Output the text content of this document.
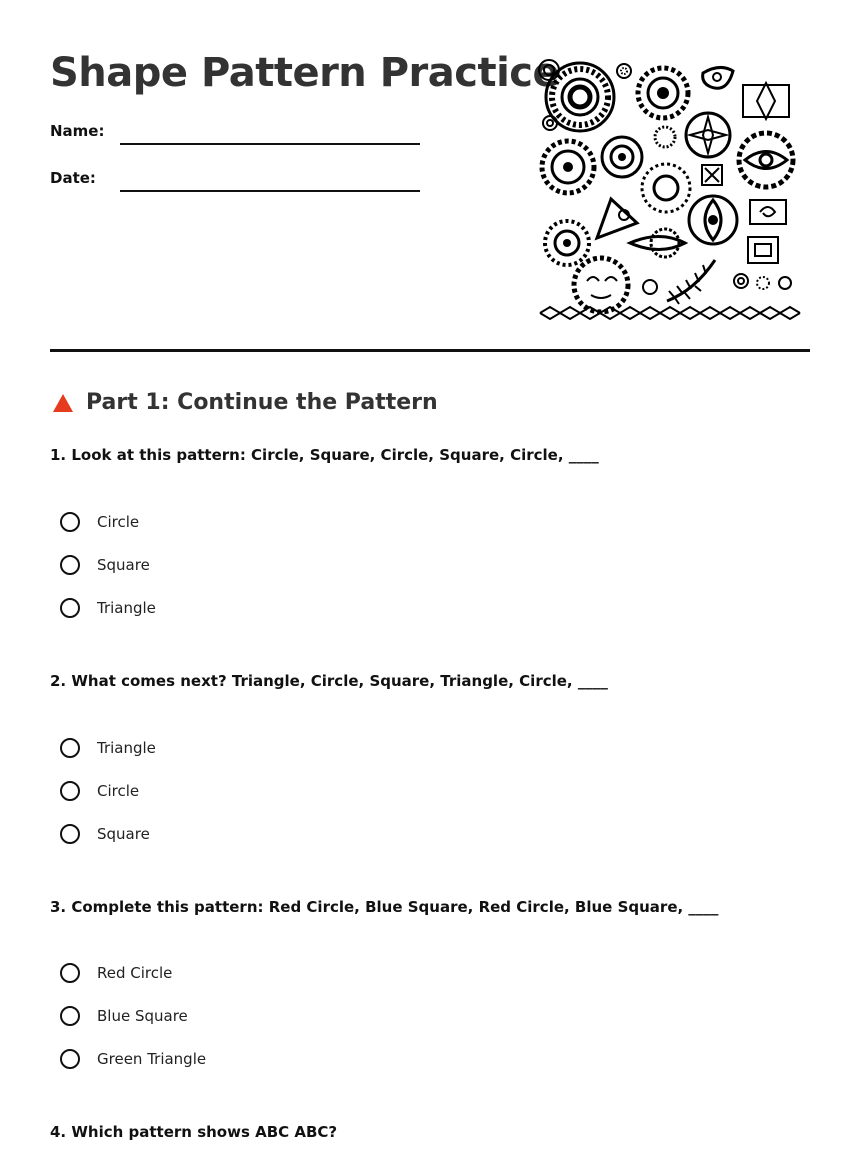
Shape Pattern Practice
Name:
Date:
Part 1: Continue the Pattern
1. Look at this pattern: Circle, Square, Circle, Square, Circle, ____
Circle
Square
Triangle
2. What comes next? Triangle, Circle, Square, Triangle, Circle, ____
Triangle
Circle
Square
3. Complete this pattern: Red Circle, Blue Square, Red Circle, Blue Square, ____
Red Circle
Blue Square
Green Triangle
4. Which pattern shows ABC ABC?
